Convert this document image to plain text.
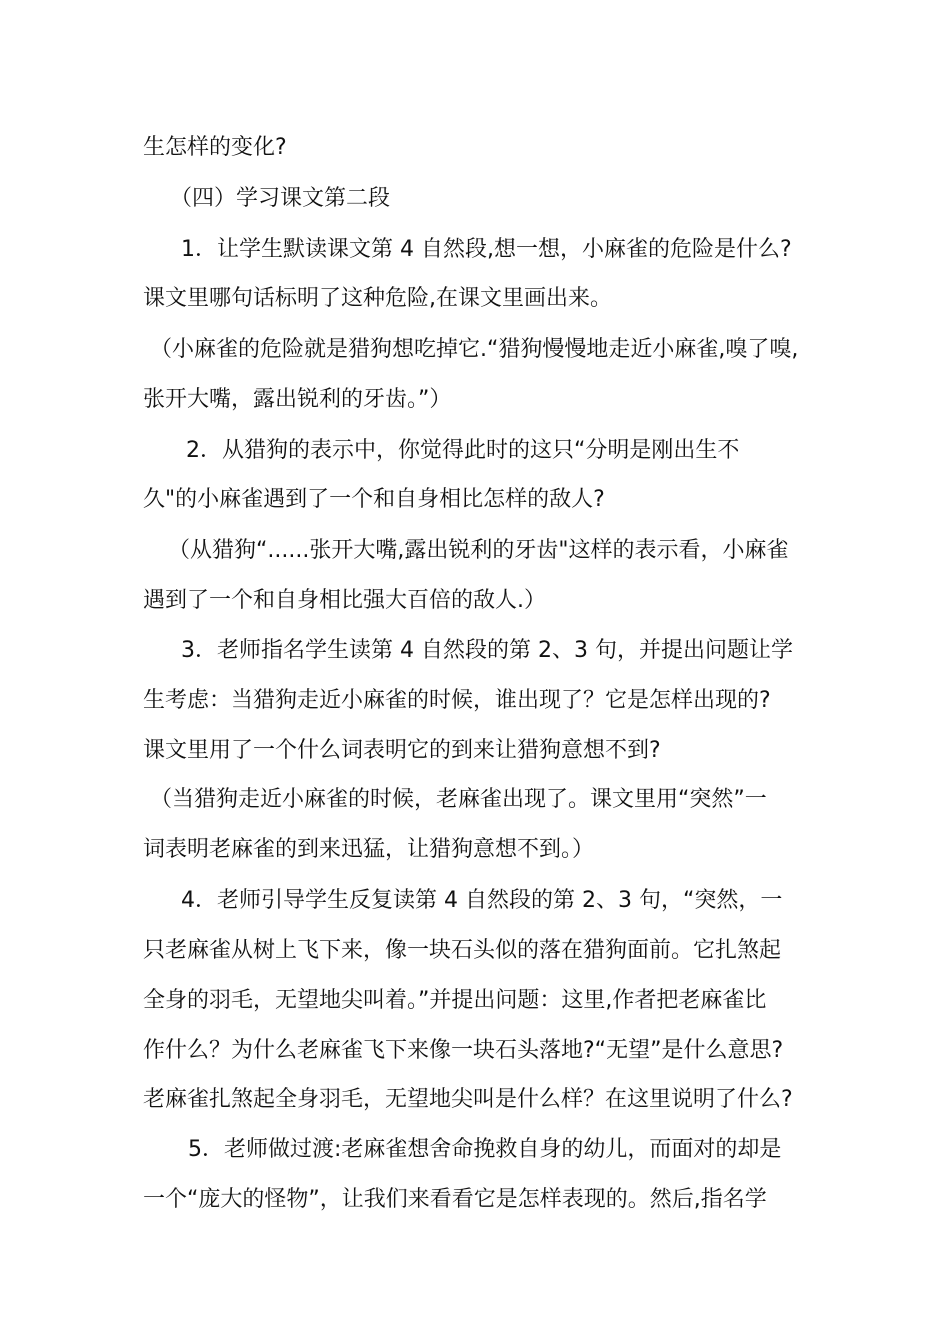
生怎样的变化?
（四）学习课文第二段
1．让学生默读课文第 4 自然段,想一想，小麻雀的危险是什么?
课文里哪句话标明了这种危险,在课文里画出来。
（小麻雀的危险就是猎狗想吃掉它.“猎狗慢慢地走近小麻雀,嗅了嗅,
张开大嘴，露出锐利的牙齿。”）
2．从猎狗的表示中，你觉得此时的这只“分明是刚出生不
久"的小麻雀遇到了一个和自身相比怎样的敌人?
（从猎狗“......张开大嘴,露出锐利的牙齿"这样的表示看，小麻雀
遇到了一个和自身相比强大百倍的敌人.）
3．老师指名学生读第 4 自然段的第 2、3 句，并提出问题让学
生考虑：当猎狗走近小麻雀的时候，谁出现了？它是怎样出现的?
课文里用了一个什么词表明它的到来让猎狗意想不到?
（当猎狗走近小麻雀的时候，老麻雀出现了。课文里用“突然”一
词表明老麻雀的到来迅猛，让猎狗意想不到。）
4．老师引导学生反复读第 4 自然段的第 2、3 句，“突然，一
只老麻雀从树上飞下来，像一块石头似的落在猎狗面前。它扎煞起
全身的羽毛，无望地尖叫着。”并提出问题：这里,作者把老麻雀比
作什么？为什么老麻雀飞下来像一块石头落地?“无望”是什么意思?
老麻雀扎煞起全身羽毛，无望地尖叫是什么样？在这里说明了什么?
5．老师做过渡:老麻雀想舍命挽救自身的幼儿，而面对的却是
一个“庞大的怪物”，让我们来看看它是怎样表现的。然后,指名学
